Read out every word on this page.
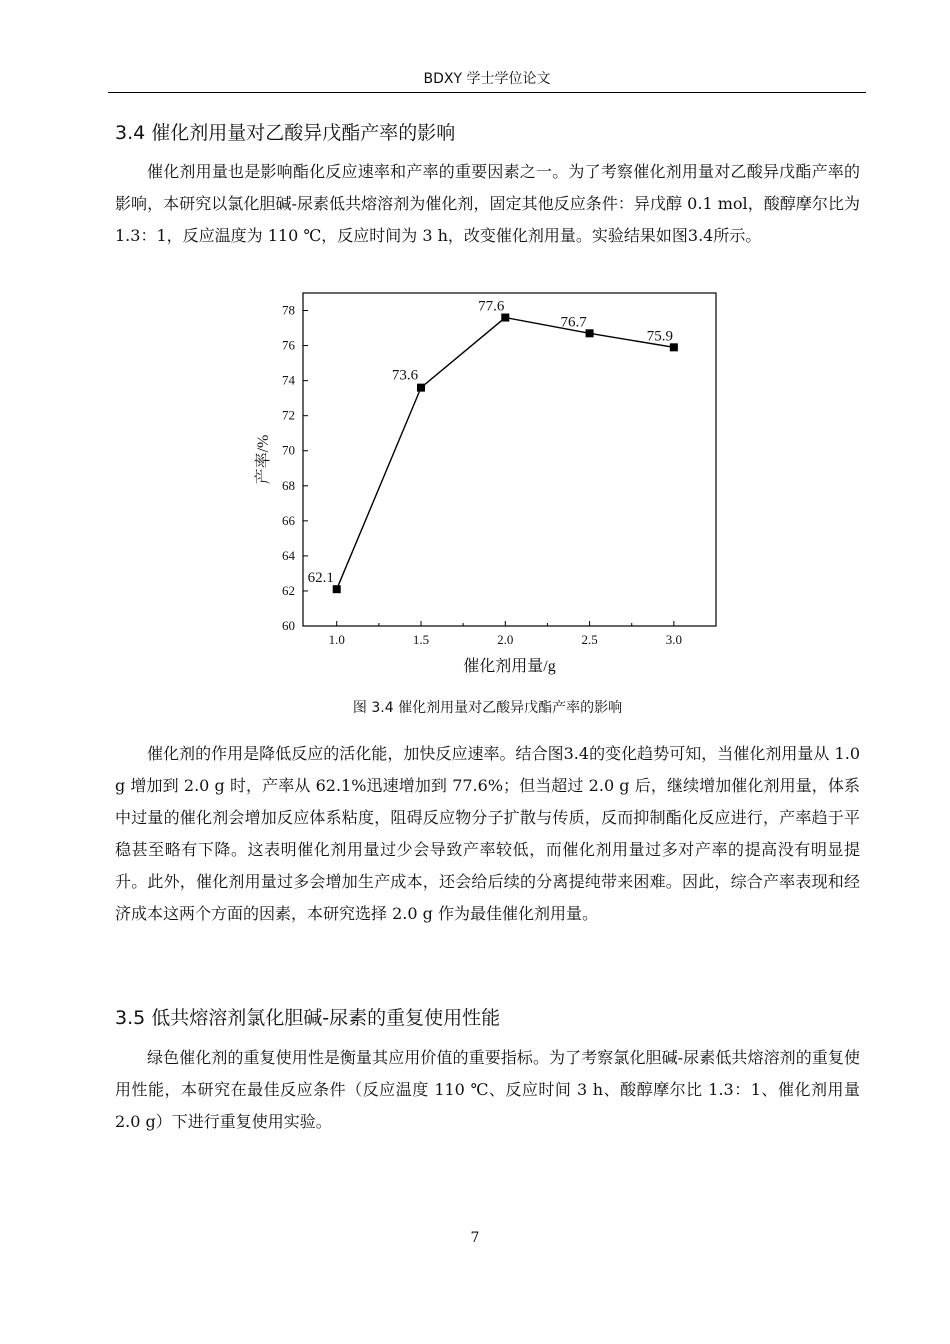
BDXY 学士学位论文
3.4 催化剂用量对乙酸异戊酯产率的影响

催化剂用量也是影响酯化反应速率和产率的重要因素之一。为了考察催化剂用量对乙酸异戊酯产率的影响，本研究以氯化胆碱-尿素低共熔溶剂为催化剂，固定其他反应条件：异戊醇 0.1 mol，酸醇摩尔比为 1.3：1，反应温度为 110 ℃，反应时间为 3 h，改变催化剂用量。实验结果如图3.4所示。

60
62
64
66
68
70
72
74
76
78
1.0	1.5	2.0	2.5	3.0
62.1
73.6
77.6
76.7
75.9
催化剂用量/g
产率/%
图 3.4 催化剂用量对乙酸异戊酯产率的影响

催化剂的作用是降低反应的活化能，加快反应速率。结合图3.4的变化趋势可知，当催化剂用量从 1.0 g 增加到 2.0 g 时，产率从 62.1%迅速增加到 77.6%；但当超过 2.0 g 后，继续增加催化剂用量，体系中过量的催化剂会增加反应体系粘度，阻碍反应物分子扩散与传质，反而抑制酯化反应进行，产率趋于平稳甚至略有下降。这表明催化剂用量过少会导致产率较低，而催化剂用量过多对产率的提高没有明显提升。此外，催化剂用量过多会增加生产成本，还会给后续的分离提纯带来困难。因此，综合产率表现和经济成本这两个方面的因素，本研究选择 2.0 g 作为最佳催化剂用量。

3.5 低共熔溶剂氯化胆碱-尿素的重复使用性能

绿色催化剂的重复使用性是衡量其应用价值的重要指标。为了考察氯化胆碱-尿素低共熔溶剂的重复使用性能，本研究在最佳反应条件（反应温度 110 ℃、反应时间 3 h、酸醇摩尔比 1.3：1、催化剂用量 2.0 g）下进行重复使用实验。

7
